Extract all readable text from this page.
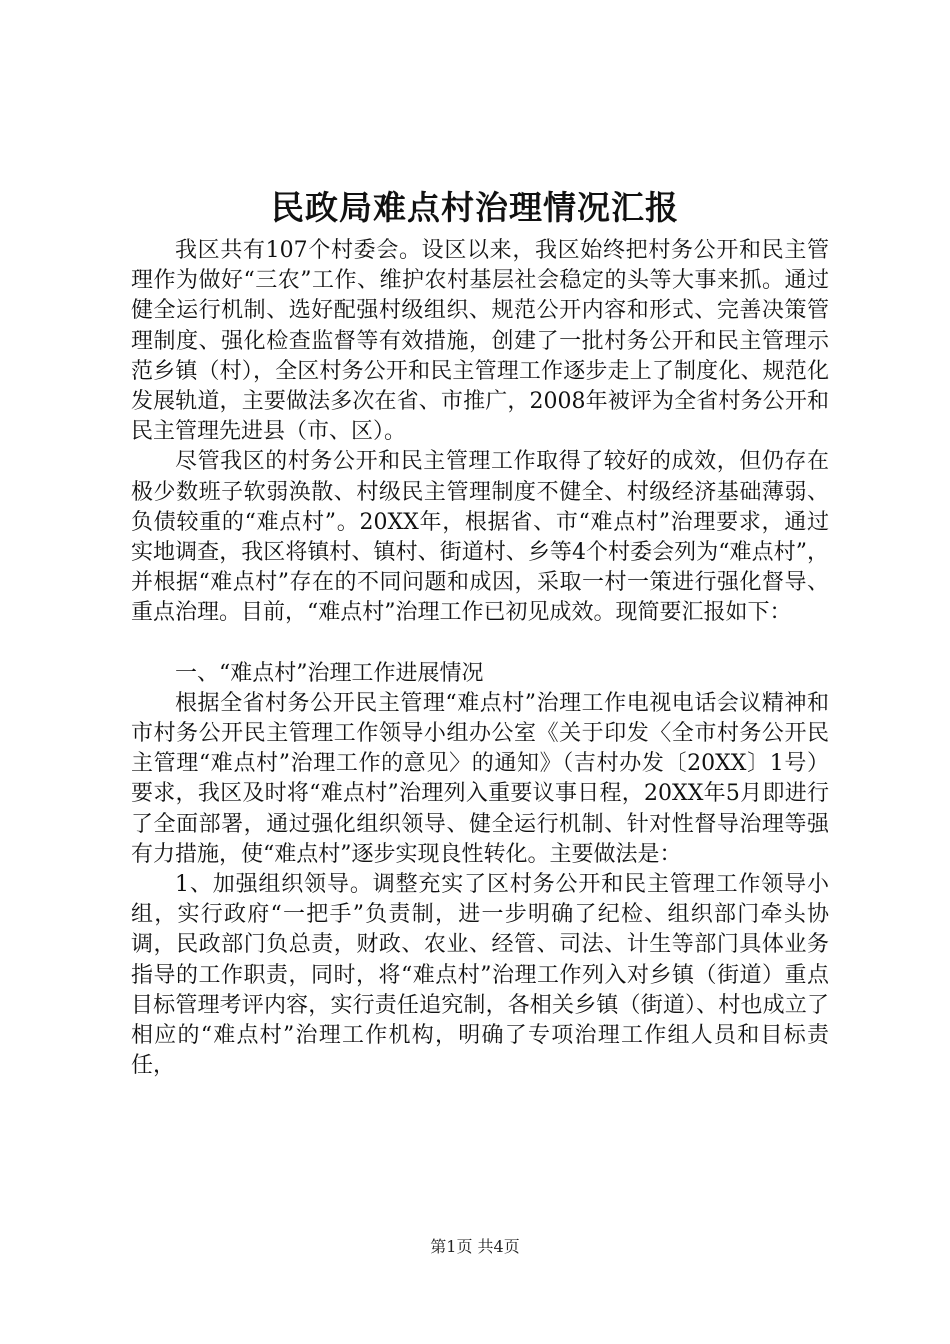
民政局难点村治理情况汇报

我区共有107个村委会。设区以来，我区始终把村务公开和民主管理作为做好“三农”工作、维护农村基层社会稳定的头等大事来抓。通过健全运行机制、选好配强村级组织、规范公开内容和形式、完善决策管理制度、强化检查监督等有效措施，创建了一批村务公开和民主管理示范乡镇（村），全区村务公开和民主管理工作逐步走上了制度化、规范化发展轨道，主要做法多次在省、市推广，2008年被评为全省村务公开和民主管理先进县（市、区）。

尽管我区的村务公开和民主管理工作取得了较好的成效，但仍存在极少数班子软弱涣散、村级民主管理制度不健全、村级经济基础薄弱、负债较重的“难点村”。20XX年，根据省、市“难点村”治理要求，通过实地调查，我区将镇村、镇村、街道村、乡等4个村委会列为“难点村”，并根据“难点村”存在的不同问题和成因，采取一村一策进行强化督导、重点治理。目前，“难点村”治理工作已初见成效。现简要汇报如下：

一、“难点村”治理工作进展情况

根据全省村务公开民主管理“难点村”治理工作电视电话会议精神和市村务公开民主管理工作领导小组办公室《关于印发〈全市村务公开民主管理“难点村”治理工作的意见〉的通知》（吉村办发〔20XX〕1号）要求，我区及时将“难点村”治理列入重要议事日程，20XX年5月即进行了全面部署，通过强化组织领导、健全运行机制、针对性督导治理等强有力措施，使“难点村”逐步实现良性转化。主要做法是：

1、加强组织领导。调整充实了区村务公开和民主管理工作领导小组，实行政府“一把手”负责制，进一步明确了纪检、组织部门牵头协调，民政部门负总责，财政、农业、经管、司法、计生等部门具体业务指导的工作职责，同时，将“难点村”治理工作列入对乡镇（街道）重点目标管理考评内容，实行责任追究制，各相关乡镇（街道）、村也成立了相应的“难点村”治理工作机构，明确了专项治理工作组人员和目标责任，

第1页 共4页
